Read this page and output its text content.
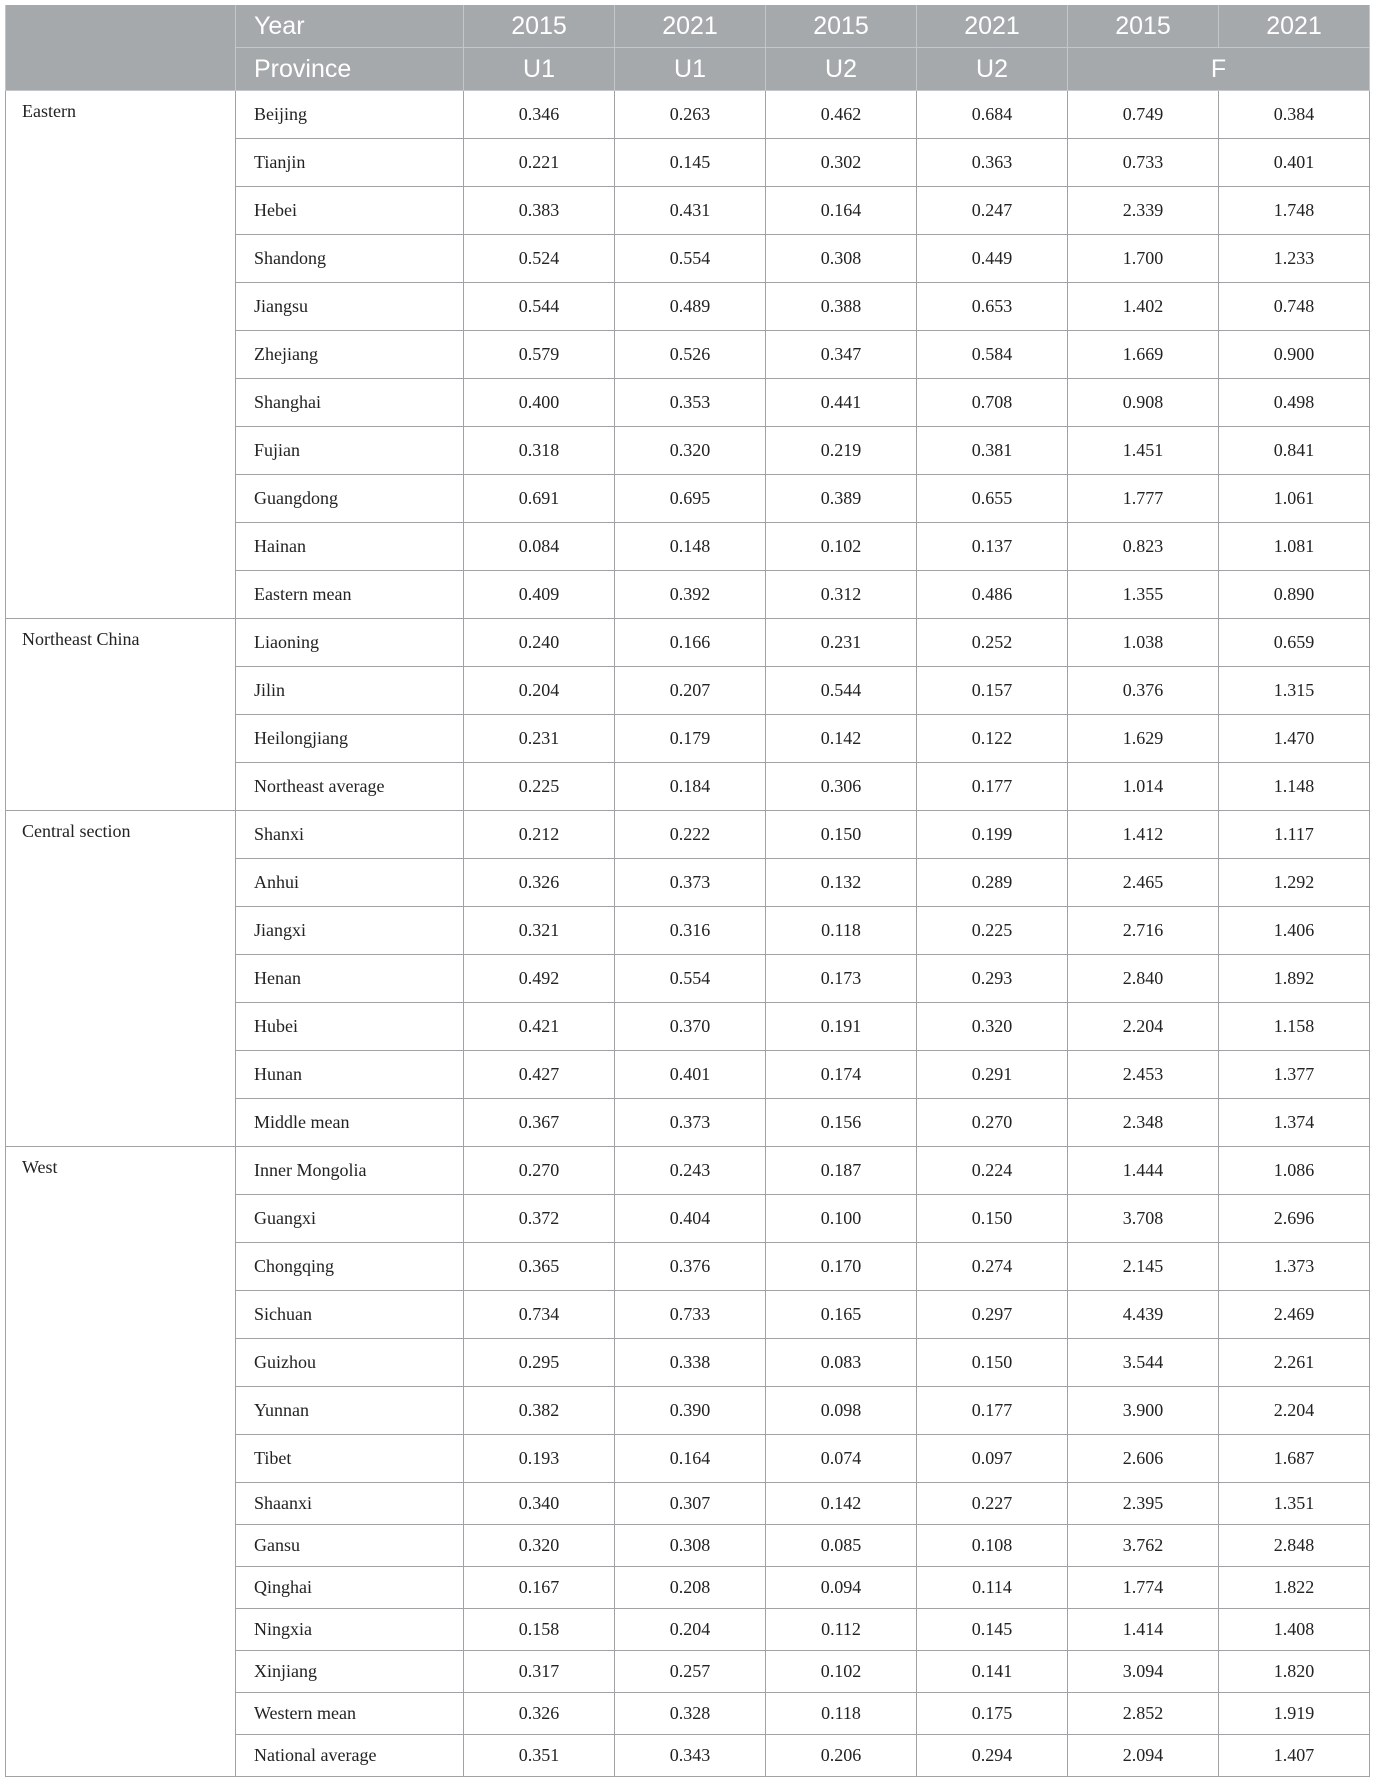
	Year	2015	2021	2015	2021	2015	2021
	Province	U1	U1	U2	U2	F	
Eastern	Beijing	0.346	0.263	0.462	0.684	0.749	0.384
	Tianjin	0.221	0.145	0.302	0.363	0.733	0.401
	Hebei	0.383	0.431	0.164	0.247	2.339	1.748
	Shandong	0.524	0.554	0.308	0.449	1.700	1.233
	Jiangsu	0.544	0.489	0.388	0.653	1.402	0.748
	Zhejiang	0.579	0.526	0.347	0.584	1.669	0.900
	Shanghai	0.400	0.353	0.441	0.708	0.908	0.498
	Fujian	0.318	0.320	0.219	0.381	1.451	0.841
	Guangdong	0.691	0.695	0.389	0.655	1.777	1.061
	Hainan	0.084	0.148	0.102	0.137	0.823	1.081
	Eastern mean	0.409	0.392	0.312	0.486	1.355	0.890
Northeast China	Liaoning	0.240	0.166	0.231	0.252	1.038	0.659
	Jilin	0.204	0.207	0.544	0.157	0.376	1.315
	Heilongjiang	0.231	0.179	0.142	0.122	1.629	1.470
	Northeast average	0.225	0.184	0.306	0.177	1.014	1.148
Central section	Shanxi	0.212	0.222	0.150	0.199	1.412	1.117
	Anhui	0.326	0.373	0.132	0.289	2.465	1.292
	Jiangxi	0.321	0.316	0.118	0.225	2.716	1.406
	Henan	0.492	0.554	0.173	0.293	2.840	1.892
	Hubei	0.421	0.370	0.191	0.320	2.204	1.158
	Hunan	0.427	0.401	0.174	0.291	2.453	1.377
	Middle mean	0.367	0.373	0.156	0.270	2.348	1.374
West	Inner Mongolia	0.270	0.243	0.187	0.224	1.444	1.086
	Guangxi	0.372	0.404	0.100	0.150	3.708	2.696
	Chongqing	0.365	0.376	0.170	0.274	2.145	1.373
	Sichuan	0.734	0.733	0.165	0.297	4.439	2.469
	Guizhou	0.295	0.338	0.083	0.150	3.544	2.261
	Yunnan	0.382	0.390	0.098	0.177	3.900	2.204
	Tibet	0.193	0.164	0.074	0.097	2.606	1.687
	Shaanxi	0.340	0.307	0.142	0.227	2.395	1.351
	Gansu	0.320	0.308	0.085	0.108	3.762	2.848
	Qinghai	0.167	0.208	0.094	0.114	1.774	1.822
	Ningxia	0.158	0.204	0.112	0.145	1.414	1.408
	Xinjiang	0.317	0.257	0.102	0.141	3.094	1.820
	Western mean	0.326	0.328	0.118	0.175	2.852	1.919
	National average	0.351	0.343	0.206	0.294	2.094	1.407
